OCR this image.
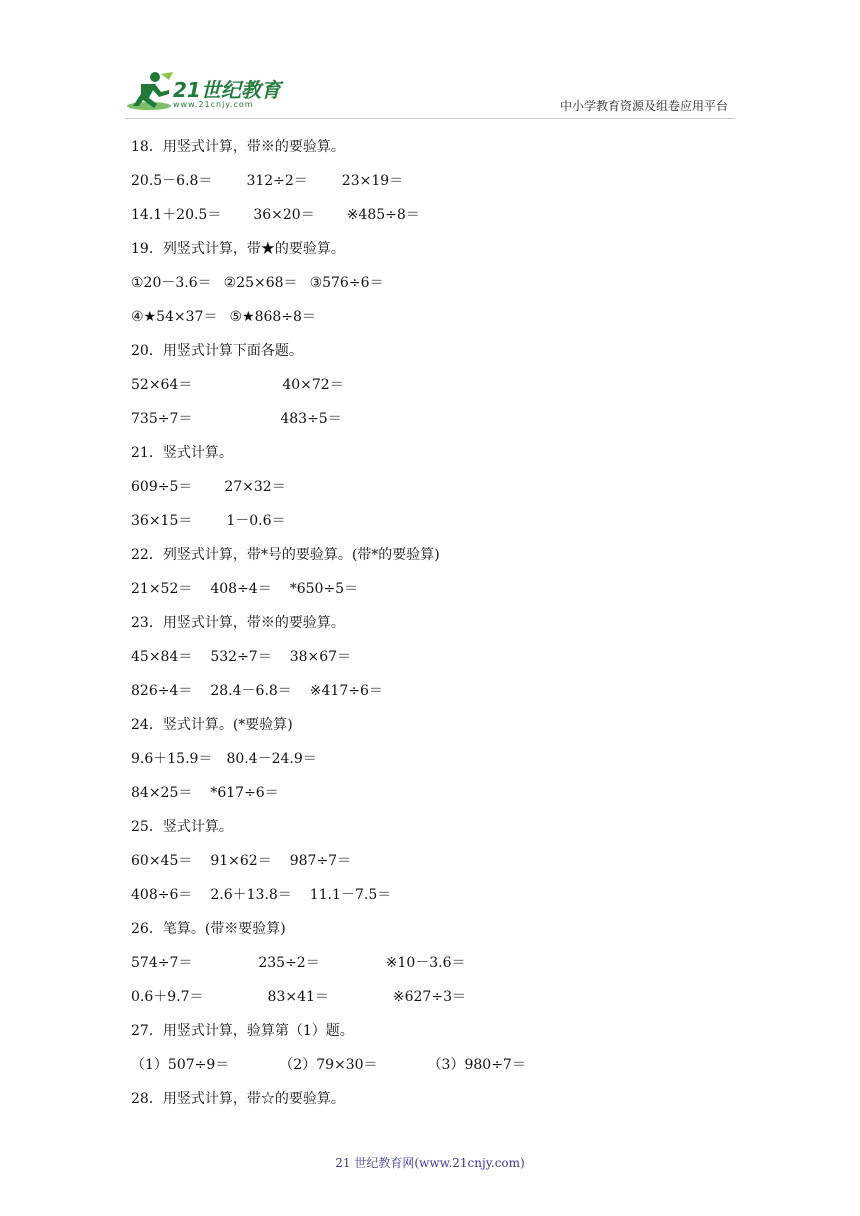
21世纪教育
www.21cnjy.com	中小学教育资源及组卷应用平台
18．用竖式计算，带※的要验算。
20.5－6.8＝ 312÷2＝ 23×19＝
14.1＋20.5＝ 36×20＝ ※485÷8＝
19．列竖式计算，带★的要验算。
①20－3.6＝ ②25×68＝ ③576÷6＝
④★54×37＝ ⑤★868÷8＝
20．用竖式计算下面各题。
52×64＝	40×72＝
735÷7＝	483÷5＝
21．竖式计算。
609÷5＝ 27×32＝
36×15＝ 1－0.6＝
22．列竖式计算，带*号的要验算。(带*的要验算)
21×52＝ 408÷4＝ *650÷5＝
23．用竖式计算，带※的要验算。
45×84＝ 532÷7＝ 38×67＝
826÷4＝ 28.4－6.8＝ ※417÷6＝
24．竖式计算。(*要验算)
9.6＋15.9＝ 80.4－24.9＝
84×25＝ *617÷6＝
25．竖式计算。
60×45＝ 91×62＝ 987÷7＝
408÷6＝ 2.6＋13.8＝ 11.1－7.5＝
26．笔算。(带※要验算)
574÷7＝	235÷2＝	※10－3.6＝
0.6＋9.7＝	83×41＝	※627÷3＝
27．用竖式计算，验算第（1）题。
（1）507÷9＝	（2）79×30＝	（3）980÷7＝
28．用竖式计算，带☆的要验算。
21 世纪教育网(www.21cnjy.com)
